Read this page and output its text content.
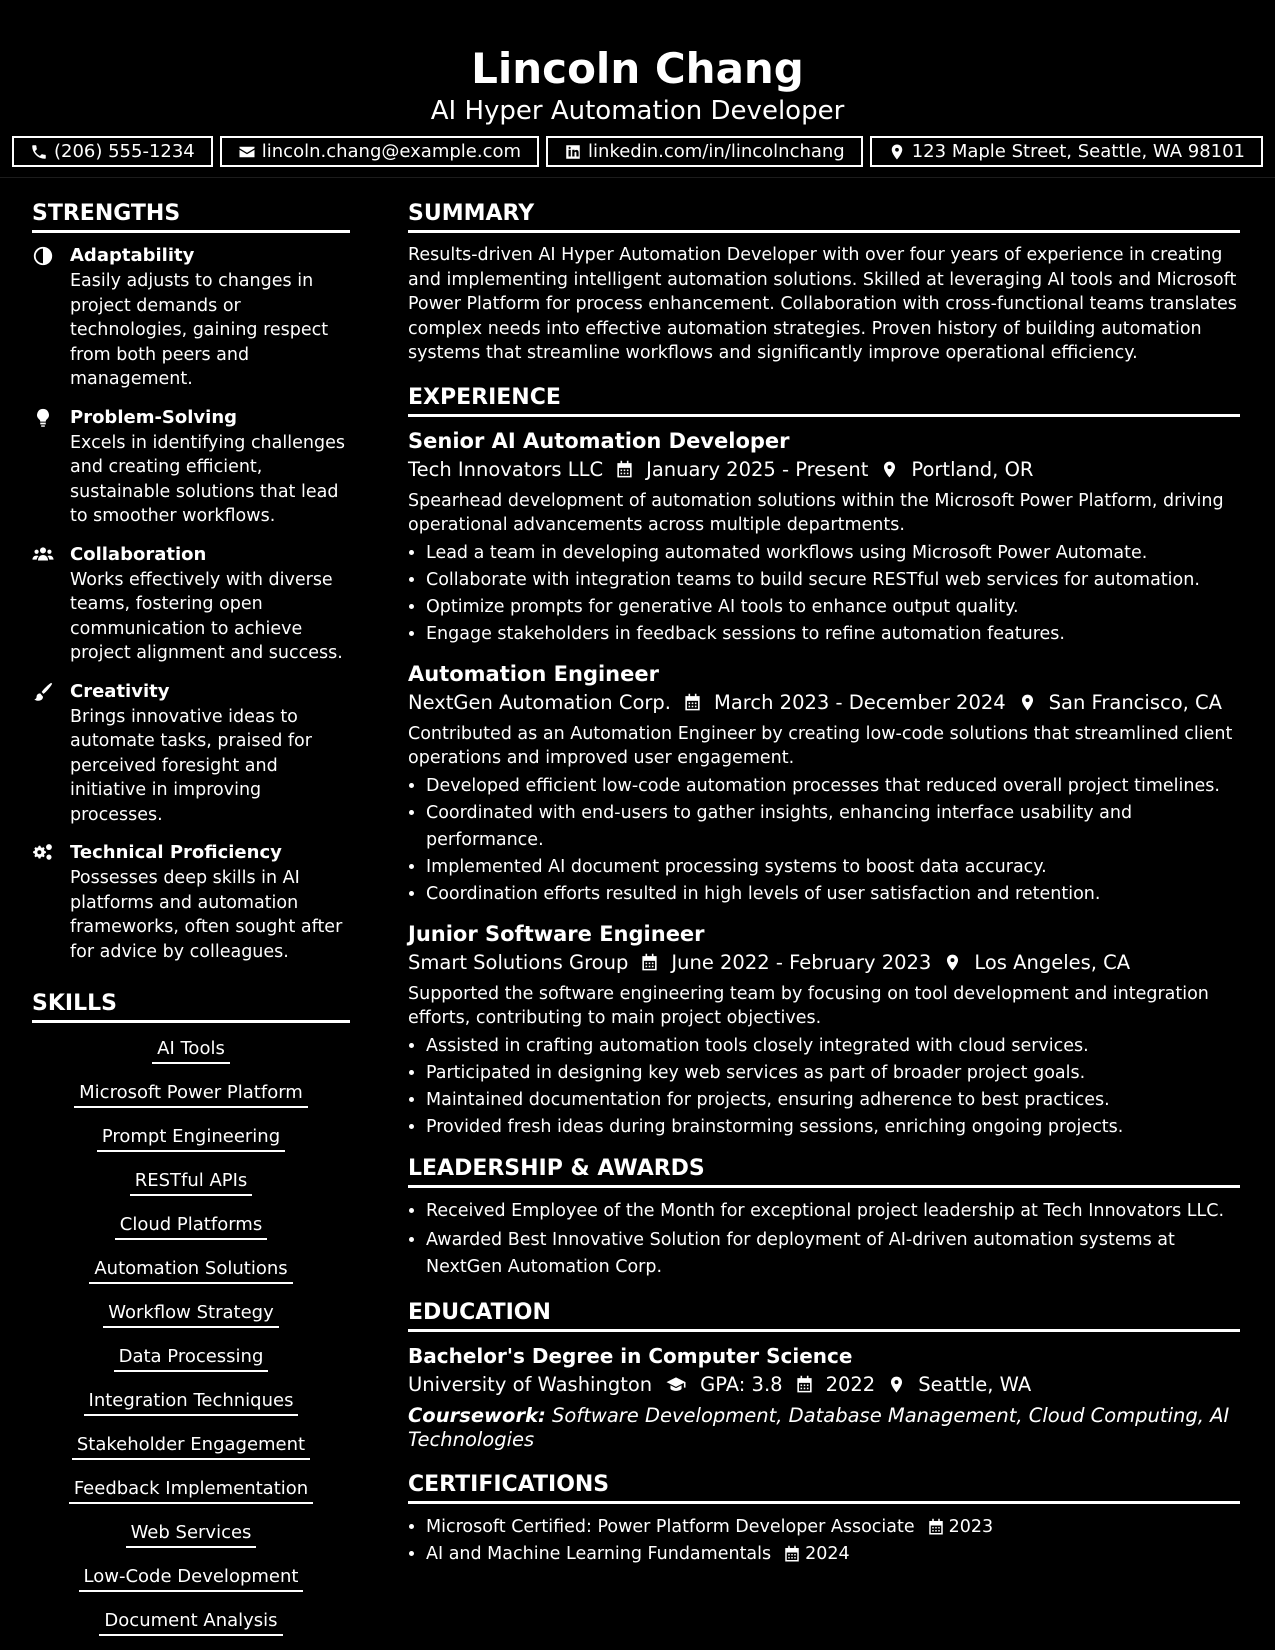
Lincoln Chang
AI Hyper Automation Developer
(206) 555-1234	lincoln.chang@example.com	linkedin.com/in/lincolnchang	123 Maple Street, Seattle, WA 98101
STRENGTHS
Adaptability
Easily adjusts to changes in project demands or technologies, gaining respect from both peers and management.
Problem-Solving
Excels in identifying challenges and creating efficient, sustainable solutions that lead to smoother workflows.
Collaboration
Works effectively with diverse teams, fostering open communication to achieve project alignment and success.
Creativity
Brings innovative ideas to automate tasks, praised for perceived foresight and initiative in improving processes.
Technical Proficiency
Possesses deep skills in AI platforms and automation frameworks, often sought after for advice by colleagues.
SKILLS
AI Tools
Microsoft Power Platform
Prompt Engineering
RESTful APIs
Cloud Platforms
Automation Solutions
Workflow Strategy
Data Processing
Integration Techniques
Stakeholder Engagement
Feedback Implementation
Web Services
Low-Code Development
Document Analysis
SUMMARY

Results-driven AI Hyper Automation Developer with over four years of experience in creating and implementing intelligent automation solutions. Skilled at leveraging AI tools and Microsoft Power Platform for process enhancement. Collaboration with cross-functional teams translates complex needs into effective automation strategies. Proven history of building automation systems that streamline workflows and significantly improve operational efficiency.

EXPERIENCE
Senior AI Automation Developer
Tech Innovators LLC January 2025 - Present Portland, OR
Spearhead development of automation solutions within the Microsoft Power Platform, driving operational advancements across multiple departments.
• Lead a team in developing automated workflows using Microsoft Power Automate.
• Collaborate with integration teams to build secure RESTful web services for automation.
• Optimize prompts for generative AI tools to enhance output quality.
• Engage stakeholders in feedback sessions to refine automation features.
Automation Engineer
NextGen Automation Corp. March 2023 - December 2024 San Francisco, CA
Contributed as an Automation Engineer by creating low-code solutions that streamlined client operations and improved user engagement.
• Developed efficient low-code automation processes that reduced overall project timelines.
• Coordinated with end-users to gather insights, enhancing interface usability and performance.
• Implemented AI document processing systems to boost data accuracy.
• Coordination efforts resulted in high levels of user satisfaction and retention.
Junior Software Engineer
Smart Solutions Group June 2022 - February 2023 Los Angeles, CA
Supported the software engineering team by focusing on tool development and integration efforts, contributing to main project objectives.
• Assisted in crafting automation tools closely integrated with cloud services.
• Participated in designing key web services as part of broader project goals.
• Maintained documentation for projects, ensuring adherence to best practices.
• Provided fresh ideas during brainstorming sessions, enriching ongoing projects.
LEADERSHIP & AWARDS
• Received Employee of the Month for exceptional project leadership at Tech Innovators LLC.
• Awarded Best Innovative Solution for deployment of AI-driven automation systems at NextGen Automation Corp.
EDUCATION
Bachelor's Degree in Computer Science
University of Washington GPA: 3.8 2022 Seattle, WA
Coursework: Software Development, Database Management, Cloud Computing, AI Technologies
CERTIFICATIONS
• Microsoft Certified: Power Platform Developer Associate 2023
• AI and Machine Learning Fundamentals 2024
